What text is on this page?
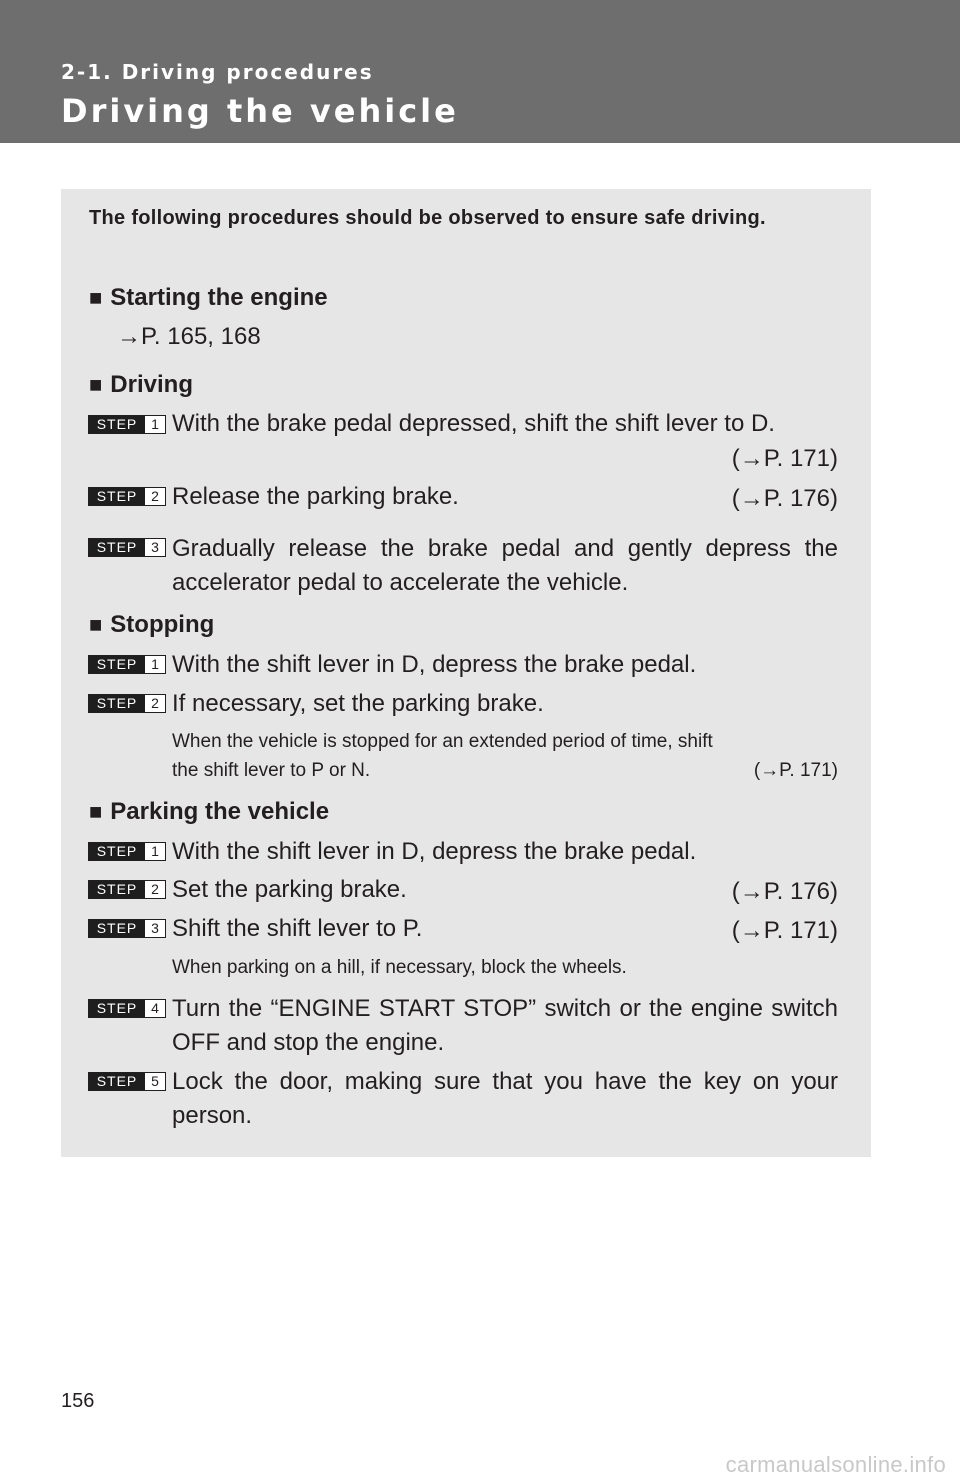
2-1. Driving procedures
Driving the vehicle
The following procedures should be observed to ensure safe driving.
■ Starting the engine
→P. 165, 168
■ Driving
STEP 1 With the brake pedal depressed, shift the shift lever to D.
(→P. 171)
STEP 2 Release the parking brake.	(→P. 176)
STEP 3 Gradually release the brake pedal and gently depress the accelerator pedal to accelerate the vehicle.
■ Stopping
STEP 1 With the shift lever in D, depress the brake pedal.
STEP 2 If necessary, set the parking brake.
When the vehicle is stopped for an extended period of time, shift
the shift lever to P or N.	(→P. 171)
■ Parking the vehicle
STEP 1 With the shift lever in D, depress the brake pedal.
STEP 2 Set the parking brake.	(→P. 176)
STEP 3 Shift the shift lever to P.	(→P. 171)
When parking on a hill, if necessary, block the wheels.
STEP 4 Turn the “ENGINE START STOP” switch or the engine switch OFF and stop the engine.
STEP 5 Lock the door, making sure that you have the key on your person.
156
carmanualsonline.info
